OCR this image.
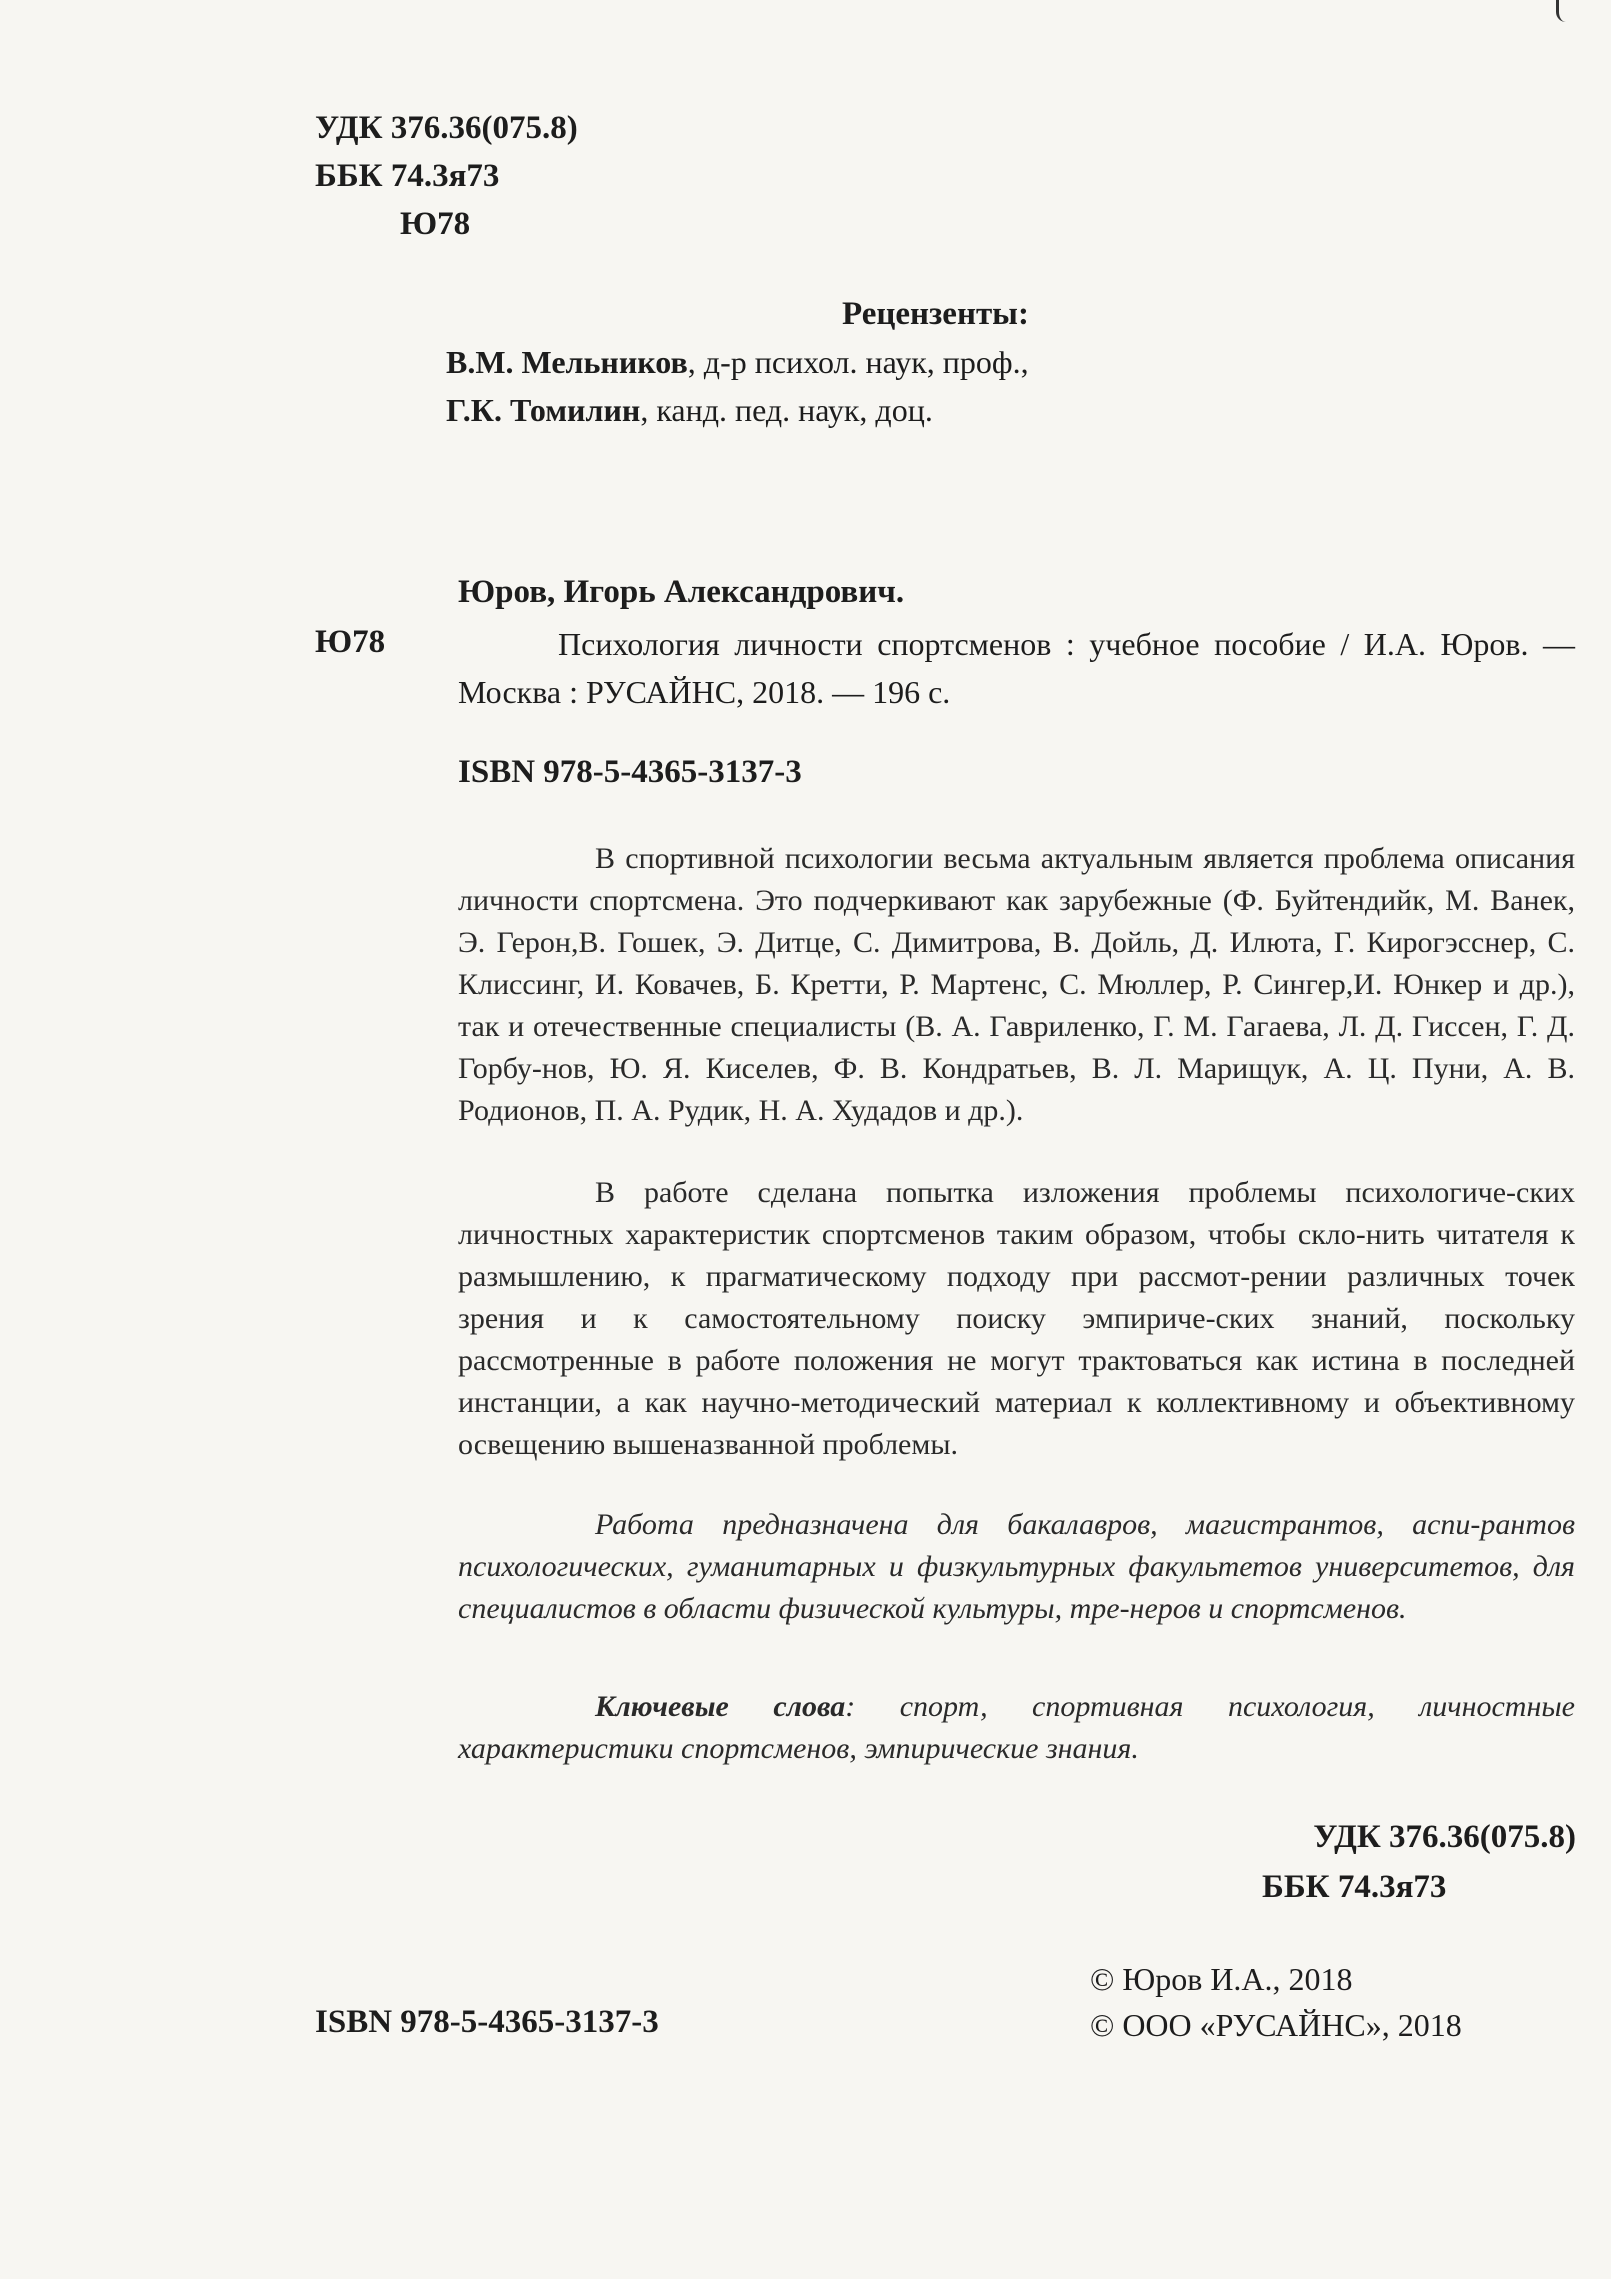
УДК 376.36(075.8)
ББК 74.3я73
Ю78
Рецензенты:
В.М. Мельников, д-р психол. наук, проф.,
Г.К. Томилин, канд. пед. наук, доц.
Юров, Игорь Александрович.
Ю78	Психология личности спортсменов : учебное пособие / И.А. Юров. — Москва : РУСАЙНС, 2018. — 196 с.
ISBN 978-5-4365-3137-3
В спортивной психологии весьма актуальным является проблема описания личности спортсмена. Это подчеркивают как зарубежные (Ф. Буйтендийк, М. Ванек, Э. Герон,В. Гошек, Э. Дитце, С. Димитрова, В. Дойль, Д. Илюта, Г. Кирогэсснер, С. Клиссинг, И. Ковачев, Б. Кретти, Р. Мартенс, С. Мюллер, Р. Сингер,И. Юнкер и др.), так и отечественные специалисты (В. А. Гавриленко, Г. М. Гагаева, Л. Д. Гиссен, Г. Д. Горбу-нов, Ю. Я. Киселев, Ф. В. Кондратьев, В. Л. Марищук, А. Ц. Пуни, А. В. Родионов, П. А. Рудик, Н. А. Худадов и др.).
В работе сделана попытка изложения проблемы психологиче-ских личностных характеристик спортсменов таким образом, чтобы скло-нить читателя к размышлению, к прагматическому подходу при рассмот-рении различных точек зрения и к самостоятельному поиску эмпириче-ских знаний, поскольку рассмотренные в работе положения не могут трактоваться как истина в последней инстанции, а как научно-методический материал к коллективному и объективному освещению вышеназванной проблемы.
Работа предназначена для бакалавров, магистрантов, аспи-рантов психологических, гуманитарных и физкультурных факультетов университетов, для специалистов в области физической культуры, тре-неров и спортсменов.
Ключевые слова: спорт, спортивная психология, личностные характеристики спортсменов, эмпирические знания.
УДК 376.36(075.8)
ББК 74.3я73
© Юров И.А., 2018
© ООО «РУСАЙНС», 2018
ISBN 978-5-4365-3137-3
